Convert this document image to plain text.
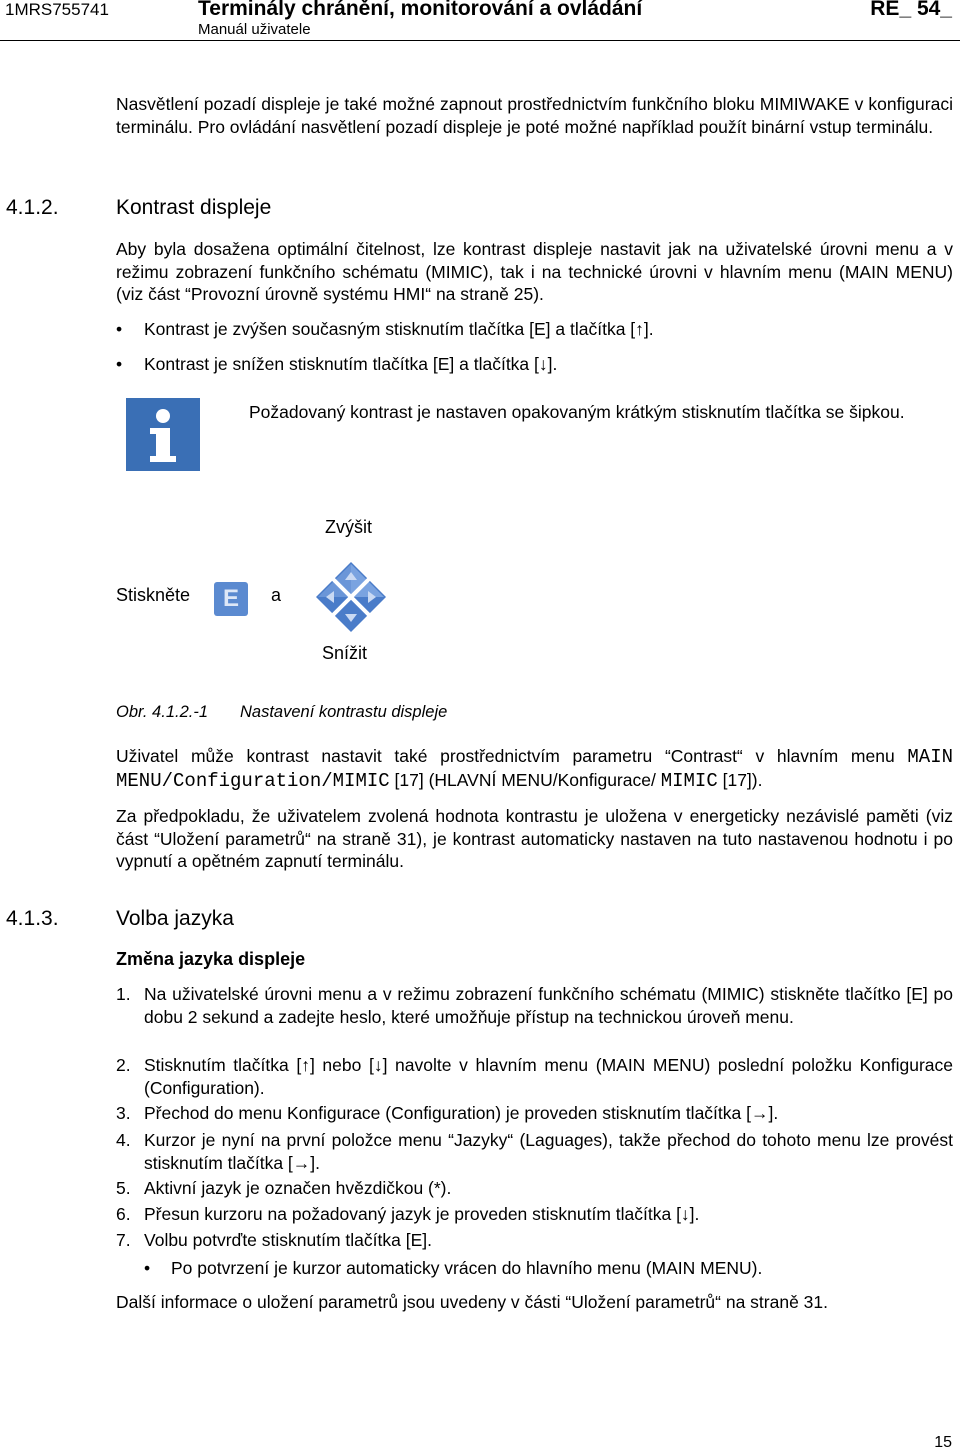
1MRS755741	Terminály chránění, monitorování a ovládání
Manuál uživatele
RE_ 54_
Nasvětlení pozadí displeje je také možné zapnout prostřednictvím funkčního bloku MIMIWAKE v konfiguraci terminálu. Pro ovládání nasvětlení pozadí displeje je poté možné například použít binární vstup terminálu.
4.1.2.	Kontrast displeje
Aby byla dosažena optimální čitelnost, lze kontrast displeje nastavit jak na uživatelské úrovni menu a v režimu zobrazení funkčního schématu (MIMIC), tak i na technické úrovni v hlavním menu (MAIN MENU) (viz část “Provozní úrovně systému HMI“ na straně 25).
• Kontrast je zvýšen současným stisknutím tlačítka [E] a tlačítka [↑].
• Kontrast je snížen stisknutím tlačítka [E] a tlačítka [↓].
Požadovaný kontrast je nastaven opakovaným krátkým stisknutím tlačítka se šipkou.
Zvýšit
Stiskněte	E	a
Snížit
Obr. 4.1.2.-1 Nastavení kontrastu displeje
Uživatel může kontrast nastavit také prostřednictvím parametru “Contrast“ v hlavním menu MAIN MENU/Configuration/MIMIC [17] (HLAVNÍ MENU/Konfigurace/ MIMIC [17]).
Za předpokladu, že uživatelem zvolená hodnota kontrastu je uložena v energeticky nezávislé paměti (viz část “Uložení parametrů“ na straně 31), je kontrast automaticky nastaven na tuto nastavenou hodnotu i po vypnutí a opětném zapnutí terminálu.
4.1.3.	Volba jazyka
Změna jazyka displeje
1. Na uživatelské úrovni menu a v režimu zobrazení funkčního schématu (MIMIC) stiskněte tlačítko [E] po dobu 2 sekund a zadejte heslo, které umožňuje přístup na technickou úroveň menu.
2. Stisknutím tlačítka [↑] nebo [↓] navolte v hlavním menu (MAIN MENU) poslední položku Konfigurace (Configuration).
3. Přechod do menu Konfigurace (Configuration) je proveden stisknutím tlačítka [→].
4. Kurzor je nyní na první položce menu “Jazyky“ (Laguages), takže přechod do tohoto menu lze provést stisknutím tlačítka [→].
5. Aktivní jazyk je označen hvězdičkou (*).
6. Přesun kurzoru na požadovaný jazyk je proveden stisknutím tlačítka [↓].
7. Volbu potvrďte stisknutím tlačítka [E].
• Po potvrzení je kurzor automaticky vrácen do hlavního menu (MAIN MENU).
Další informace o uložení parametrů jsou uvedeny v části “Uložení parametrů“ na straně 31.
15
